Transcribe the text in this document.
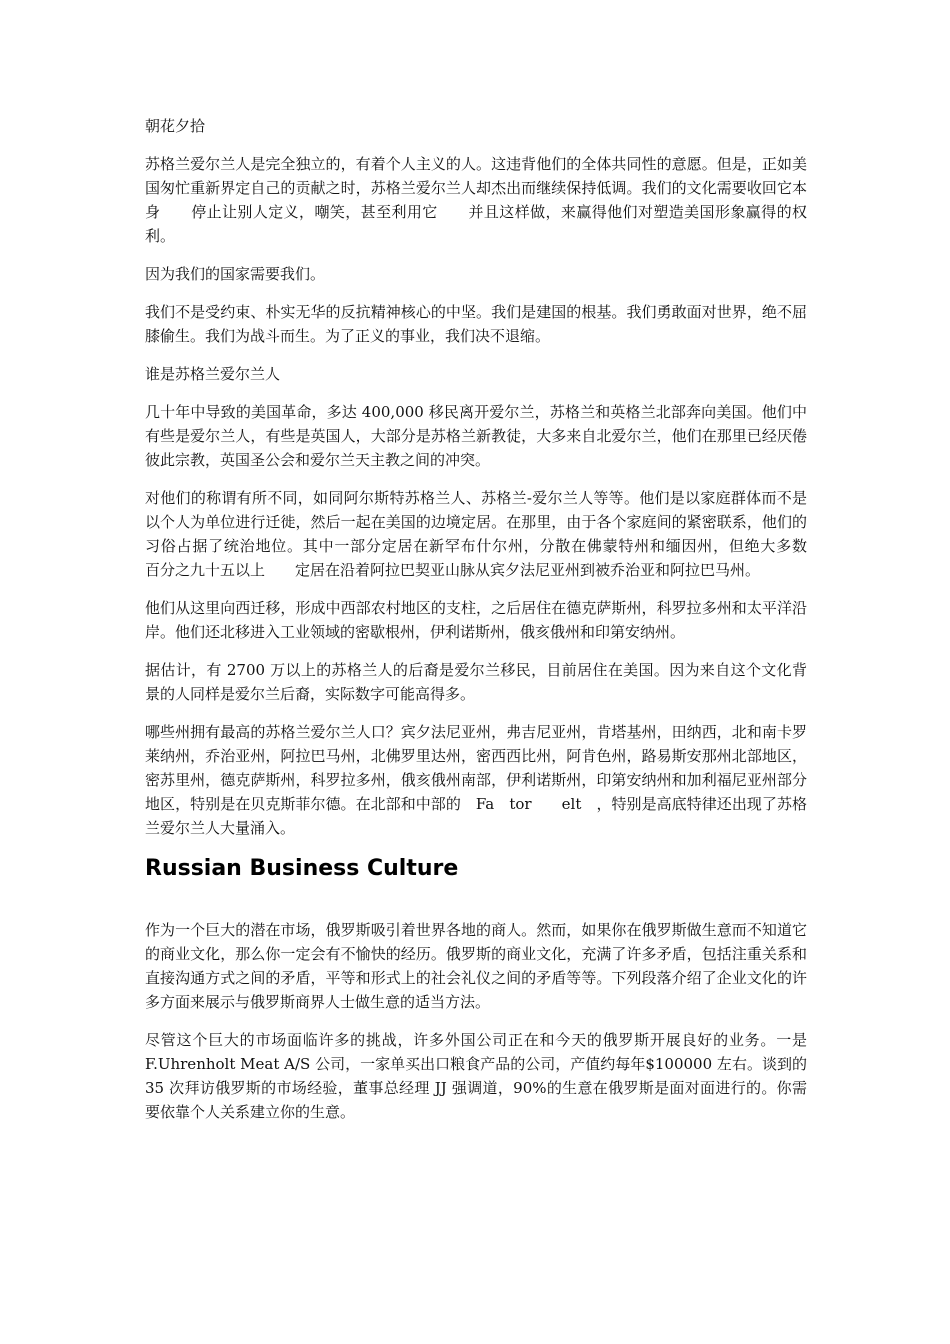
朝花夕拾

苏格兰爱尔兰人是完全独立的，有着个人主义的人。这违背他们的全体共同性的意愿。但是，正如美国匆忙重新界定自己的贡献之时，苏格兰爱尔兰人却杰出而继续保持低调。我们的文化需要收回它本身　　停止让别人定义，嘲笑，甚至利用它　　并且这样做，来赢得他们对塑造美国形象赢得的权利。

因为我们的国家需要我们。

我们不是受约束、朴实无华的反抗精神核心的中坚。我们是建国的根基。我们勇敢面对世界，绝不屈膝偷生。我们为战斗而生。为了正义的事业，我们决不退缩。

谁是苏格兰爱尔兰人

几十年中导致的美国革命，多达 400,000 移民离开爱尔兰，苏格兰和英格兰北部奔向美国。他们中有些是爱尔兰人，有些是英国人，大部分是苏格兰新教徒，大多来自北爱尔兰，他们在那里已经厌倦彼此宗教，英国圣公会和爱尔兰天主教之间的冲突。

对他们的称谓有所不同，如同阿尔斯特苏格兰人、苏格兰-爱尔兰人等等。他们是以家庭群体而不是以个人为单位进行迁徙，然后一起在美国的边境定居。在那里，由于各个家庭间的紧密联系，他们的习俗占据了统治地位。其中一部分定居在新罕布什尔州，分散在佛蒙特州和缅因州，但绝大多数　　百分之九十五以上　　定居在沿着阿拉巴契亚山脉从宾夕法尼亚州到被乔治亚和阿拉巴马州。

他们从这里向西迁移，形成中西部农村地区的支柱，之后居住在德克萨斯州，科罗拉多州和太平洋沿岸。他们还北移进入工业领域的密歇根州，伊利诺斯州，俄亥俄州和印第安纳州。

据估计，有 2700 万以上的苏格兰人的后裔是爱尔兰移民，目前居住在美国。因为来自这个文化背景的人同样是爱尔兰后裔，实际数字可能高得多。

哪些州拥有最高的苏格兰爱尔兰人口？宾夕法尼亚州，弗吉尼亚州，肯塔基州，田纳西，北和南卡罗莱纳州，乔治亚州，阿拉巴马州，北佛罗里达州，密西西比州，阿肯色州，路易斯安那州北部地区，密苏里州，德克萨斯州，科罗拉多州，俄亥俄州南部，伊利诺斯州，印第安纳州和加利福尼亚州部分地区，特别是在贝克斯菲尔德。在北部和中部的　Fa　tor　　elt　，特别是高底特律还出现了苏格兰爱尔兰人大量涌入。

Russian Business Culture

作为一个巨大的潜在市场，俄罗斯吸引着世界各地的商人。然而，如果你在俄罗斯做生意而不知道它的商业文化，那么你一定会有不愉快的经历。俄罗斯的商业文化，充满了许多矛盾，包括注重关系和直接沟通方式之间的矛盾，平等和形式上的社会礼仪之间的矛盾等等。下列段落介绍了企业文化的许多方面来展示与俄罗斯商界人士做生意的适当方法。

尽管这个巨大的市场面临许多的挑战，许多外国公司正在和今天的俄罗斯开展良好的业务。一是 F.Uhrenholt Meat A/S 公司，一家单买出口粮食产品的公司，产值约每年$100000 左右。谈到的 35 次拜访俄罗斯的市场经验，董事总经理 JJ 强调道，90%的生意在俄罗斯是面对面进行的。你需要依靠个人关系建立你的生意。
